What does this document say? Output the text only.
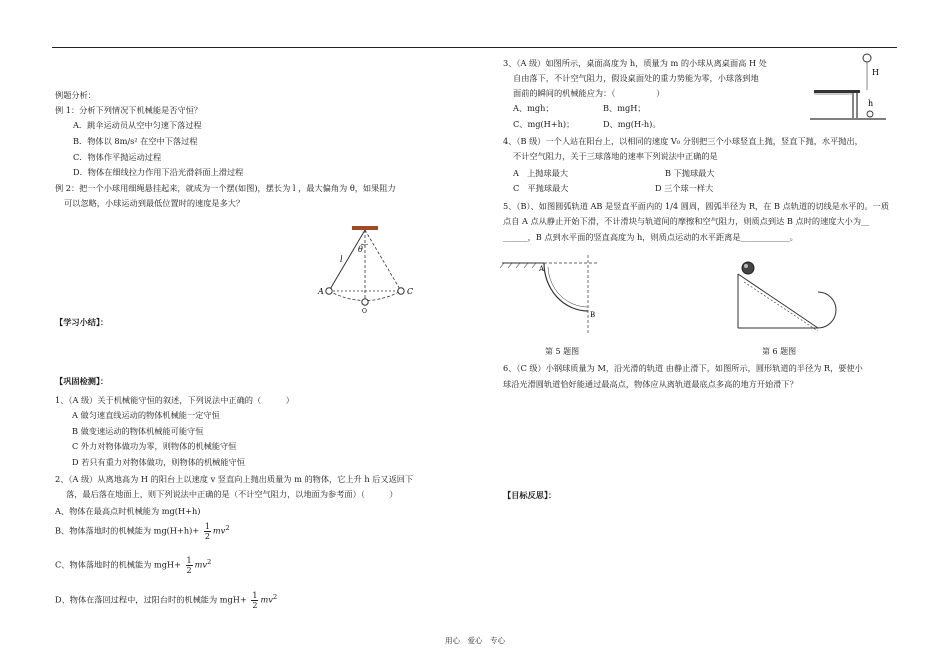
例题分析：
例 1：分析下列情况下机械能是否守恒？
A．跳伞运动员从空中匀速下落过程
B．物体以 8m/s² 在空中下落过程
C．物体作平抛运动过程
D．物体在细线拉力作用下沿光滑斜面上滑过程
例 2：把一个小球用细绳悬挂起来，就成为一个摆(如图)，摆长为 l ，最大偏角为 θ，如果阻力
可以忽略，小球运动到最低位置时的速度是多大？
θ
l
A	C
O
【学习小结】：
【巩固检测】：
1、（A 级）关于机械能守恒的叙述，下列说法中正确的（　　　）
A 做匀速直线运动的物体机械能一定守恒
B 做变速运动的物体机械能可能守恒
C 外力对物体做功为零，则物体的机械能守恒
D 若只有重力对物体做功，则物体的机械能守恒
2、（A 级）从离地高为 H 的阳台上以速度 v 竖直向上抛出质量为 m 的物体，它上升 h 后又返回下
落，最后落在地面上，则下列说法中正确的是（不计空气阻力，以地面为参考面）（　　　）
A、物体在最高点时机械能为 mg(H+h)
B、物体落地时的机械能为 $mg(H+h)+ \frac{1}{2} mv^2$
C、物体落地时的机械能为 $mgH+ \frac{1}{2} mv^2$
D、物体在落回过程中，过阳台时的机械能为 $mgH+ \frac{1}{2} mv^2$
3、（A 级）如图所示，桌面高度为 h，质量为 m 的小球从离桌面高 H 处
自由落下，不计空气阻力，假设桌面处的重力势能为零，小球落到地
面前的瞬间的机械能应为：（　　　　　）
A、mgh；	B、mgH；
C、mg(H+h)；	D、mg(H-h)。
H
h
4、（B 级）一个人站在阳台上，以相同的速度 V₀ 分别把三个小球竖直上抛，竖直下抛，水平抛出，
不计空气阻力，关于三球落地的速率下列说法中正确的是
A　上抛球最大	B 下抛球最大
C　平抛球最大	D 三个球一样大
5、（B）、如图圆弧轨道 AB 是竖直平面内的 1/4 圆周，圆弧半径为 R，在 B 点轨道的切线是水平的。一质
点自 A 点从静止开始下滑，不计滑块与轨道间的摩擦和空气阻力，则质点到达 B 点时的速度大小为__
______，B 点到水平面的竖直高度为 h，则质点运动的水平距离是____________。
A
B
第 5 题图	第 6 题图
6、（C 级）小钢球质量为 M，沿光滑的轨道 由静止滑下，如图所示，圆形轨道的半径为 R，要使小
球沿光滑圆轨道恰好能通过最高点，物体应从离轨道最底点多高的地方开始滑下？
【目标反思】：
用心　爱心　专心
